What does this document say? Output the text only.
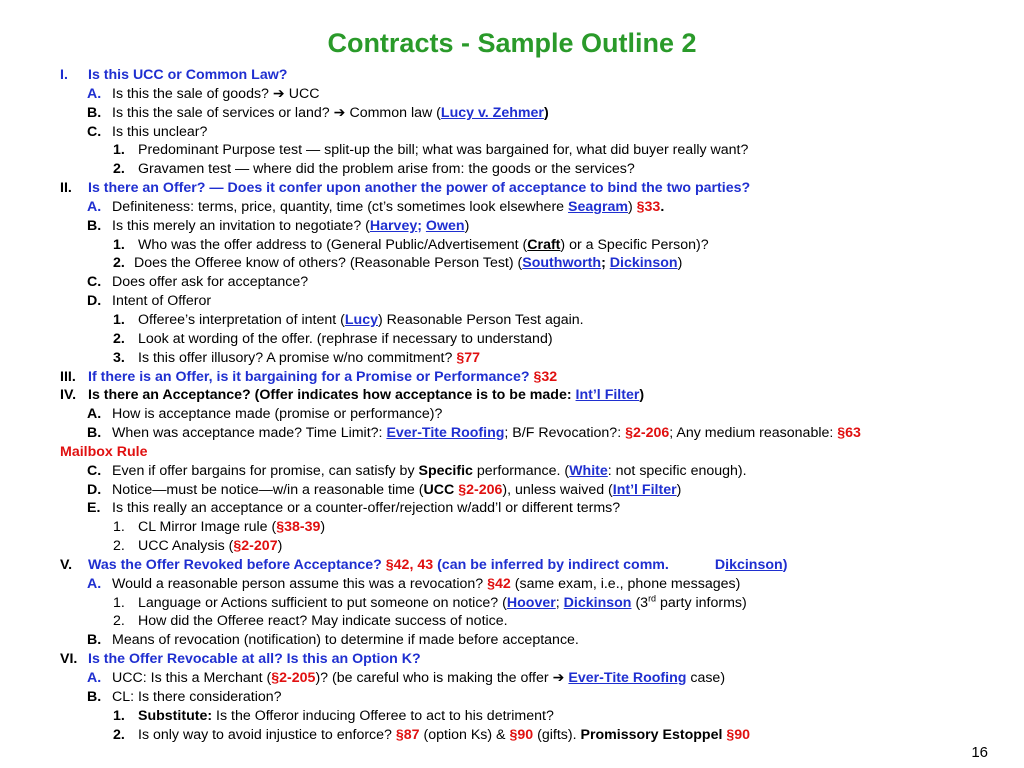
Contracts - Sample Outline 2
I. Is this UCC or Common Law?
A. Is this the sale of goods? ➔ UCC
B. Is this the sale of services or land? ➔ Common law (Lucy v. Zehmer)
C. Is this unclear?
1. Predominant Purpose test — split-up the bill; what was bargained for, what did buyer really want?
2. Gravamen test — where did the problem arise from: the goods or the services?
II. Is there an Offer? — Does it confer upon another the power of acceptance to bind the two parties?
A. Definiteness: terms, price, quantity, time (ct’s sometimes look elsewhere Seagram) §33.
B. Is this merely an invitation to negotiate? (Harvey; Owen)
1. Who was the offer address to (General Public/Advertisement (Craft) or a Specific Person)?
2. Does the Offeree know of others? (Reasonable Person Test) (Southworth; Dickinson)
C. Does offer ask for acceptance?
D. Intent of Offeror
1. Offeree’s interpretation of intent (Lucy) Reasonable Person Test again.
2. Look at wording of the offer. (rephrase if necessary to understand)
3. Is this offer illusory? A promise w/no commitment? §77
III. If there is an Offer, is it bargaining for a Promise or Performance? §32
IV. Is there an Acceptance? (Offer indicates how acceptance is to be made: Int’l Filter)
A. How is acceptance made (promise or performance)?
B. When was acceptance made? Time Limit?: Ever-Tite Roofing; B/F Revocation?: §2-206; Any medium reasonable: §63
Mailbox Rule
C. Even if offer bargains for promise, can satisfy by Specific performance. (White: not specific enough).
D. Notice—must be notice—w/in a reasonable time (UCC §2-206), unless waived (Int’l Filter)
E. Is this really an acceptance or a counter-offer/rejection w/add’l or different terms?
1. CL Mirror Image rule (§38-39)
2. UCC Analysis (§2-207)
V. Was the Offer Revoked before Acceptance? §42, 43 (can be inferred by indirect comm.	Dikcinson)
A. Would a reasonable person assume this was a revocation? §42 (same exam, i.e., phone messages)
1. Language or Actions sufficient to put someone on notice? (Hoover; Dickinson (3rd party informs)
2. How did the Offeree react? May indicate success of notice.
B. Means of revocation (notification) to determine if made before acceptance.
VI. Is the Offer Revocable at all? Is this an Option K?
A. UCC: Is this a Merchant (§2-205)? (be careful who is making the offer ➔ Ever-Tite Roofing case)
B. CL: Is there consideration?
1. Substitute: Is the Offeror inducing Offeree to act to his detriment?
2. Is only way to avoid injustice to enforce? §87 (option Ks) & §90 (gifts). Promissory Estoppel §90
16
